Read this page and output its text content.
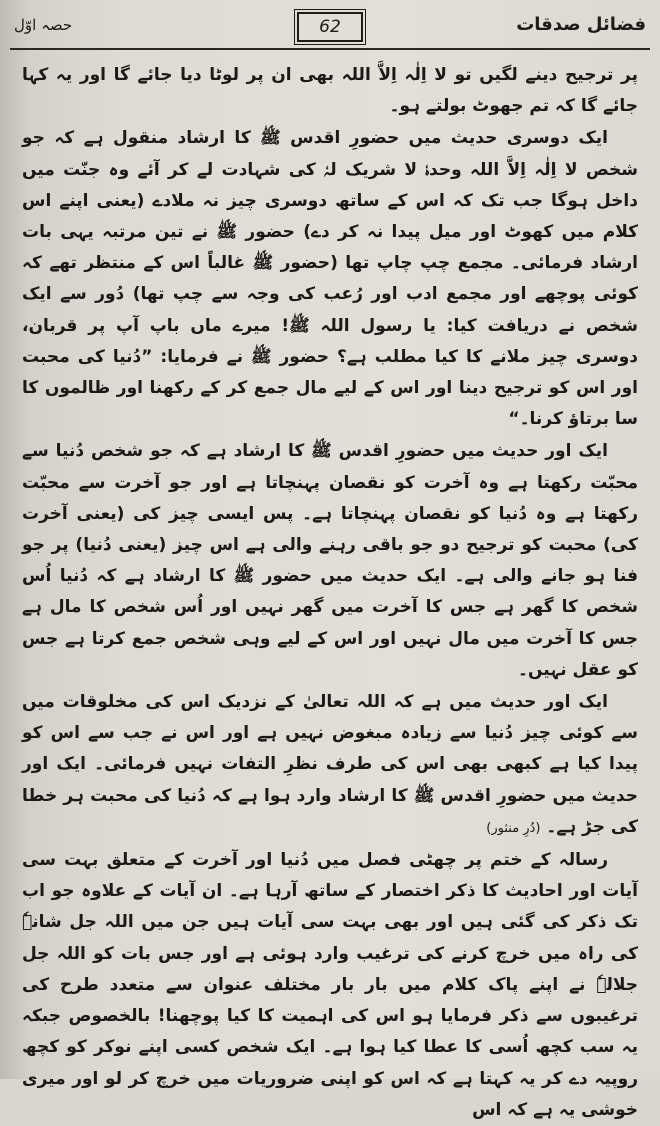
فضائل صدقات
62
حصہ اوّل

پر ترجیح دینے لگیں تو لا اِلٰہ اِلاَّ اللہ بھی ان پر لوٹا دیا جائے گا اور یہ کہا جائے گا کہ تم جھوٹ بولتے ہو۔

ایک دوسری حدیث میں حضورِ اقدس ﷺ کا ارشاد منقول ہے کہ جو شخص لا اِلٰہ اِلاَّ اللہ وحدہٗ لا شریک لہٗ کی شہادت لے کر آئے وہ جنّت میں داخل ہوگا جب تک کہ اس کے ساتھ دوسری چیز نہ ملادے (یعنی اپنے اس کلام میں کھوٹ اور میل پیدا نہ کر دے) حضور ﷺ نے تین مرتبہ یہی بات ارشاد فرمائی۔ مجمع چپ چاپ تھا (حضور ﷺ غالباً اس کے منتظر تھے کہ کوئی پوچھے اور مجمع ادب اور رُعب کی وجہ سے چپ تھا) دُور سے ایک شخص نے دریافت کیا: یا رسول اللہ ﷺ! میرے ماں باپ آپ پر قربان، دوسری چیز ملانے کا کیا مطلب ہے؟ حضور ﷺ نے فرمایا: ”دُنیا کی محبت اور اس کو ترجیح دینا اور اس کے لیے مال جمع کر کے رکھنا اور ظالموں کا سا برتاؤ کرنا۔“

ایک اور حدیث میں حضورِ اقدس ﷺ کا ارشاد ہے کہ جو شخص دُنیا سے محبّت رکھتا ہے وہ آخرت کو نقصان پہنچاتا ہے اور جو آخرت سے محبّت رکھتا ہے وہ دُنیا کو نقصان پہنچاتا ہے۔ پس ایسی چیز کی (یعنی آخرت کی) محبت کو ترجیح دو جو باقی رہنے والی ہے اس چیز (یعنی دُنیا) پر جو فنا ہو جانے والی ہے۔ ایک حدیث میں حضور ﷺ کا ارشاد ہے کہ دُنیا اُس شخص کا گھر ہے جس کا آخرت میں گھر نہیں اور اُس شخص کا مال ہے جس کا آخرت میں مال نہیں اور اس کے لیے وہی شخص جمع کرتا ہے جس کو عقل نہیں۔

ایک اور حدیث میں ہے کہ اللہ تعالیٰ کے نزدیک اس کی مخلوقات میں سے کوئی چیز دُنیا سے زیادہ مبغوض نہیں ہے اور اس نے جب سے اس کو پیدا کیا ہے کبھی بھی اس کی طرف نظرِ التفات نہیں فرمائی۔ ایک اور حدیث میں حضورِ اقدس ﷺ کا ارشاد وارد ہوا ہے کہ دُنیا کی محبت ہر خطا کی جڑ ہے۔ (دُرِ منثور)

رسالہ کے ختم پر چھٹی فصل میں دُنیا اور آخرت کے متعلق بہت سی آیات اور احادیث کا ذکر اختصار کے ساتھ آرہا ہے۔ ان آیات کے علاوہ جو اب تک ذکر کی گئی ہیں اور بھی بہت سی آیات ہیں جن میں اللہ جل شانہٗ کی راہ میں خرچ کرنے کی ترغیب وارد ہوئی ہے اور جس بات کو اللہ جل جلالہٗ نے اپنے پاک کلام میں بار بار مختلف عنوان سے متعدد طرح کی ترغیبوں سے ذکر فرمایا ہو اس کی اہمیت کا کیا پوچھنا! بالخصوص جبکہ یہ سب کچھ اُسی کا عطا کیا ہوا ہے۔ ایک شخص کسی اپنے نوکر کو کچھ روپیہ دے کر یہ کہتا ہے کہ اس کو اپنی ضروریات میں خرچ کر لو اور میری خوشی یہ ہے کہ اس
